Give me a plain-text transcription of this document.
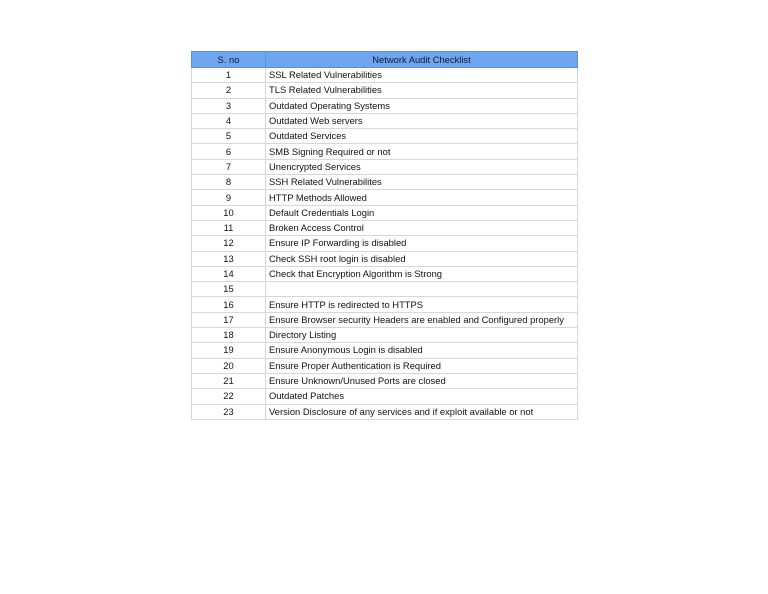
S. no	Network Audit Checklist
1	SSL Related Vulnerabilities
2	TLS Related Vulnerabilities
3	Outdated Operating Systems
4	Outdated Web servers
5	Outdated Services
6	SMB Signing Required or not
7	Unencrypted Services
8	SSH Related Vulnerabilites
9	HTTP Methods Allowed
10	Default Credentials Login
11	Broken Access Control
12	Ensure IP Forwarding is disabled
13	Check SSH root login is disabled
14	Check that Encryption Algorithm is Strong
15	
16	Ensure HTTP is redirected to HTTPS
17	Ensure Browser security Headers are enabled and Configured properly
18	Directory Listing
19	Ensure Anonymous Login is disabled
20	Ensure Proper Authentication is Required
21	Ensure Unknown/Unused Ports are closed
22	Outdated Patches
23	Version Disclosure of any services and if exploit available or not
